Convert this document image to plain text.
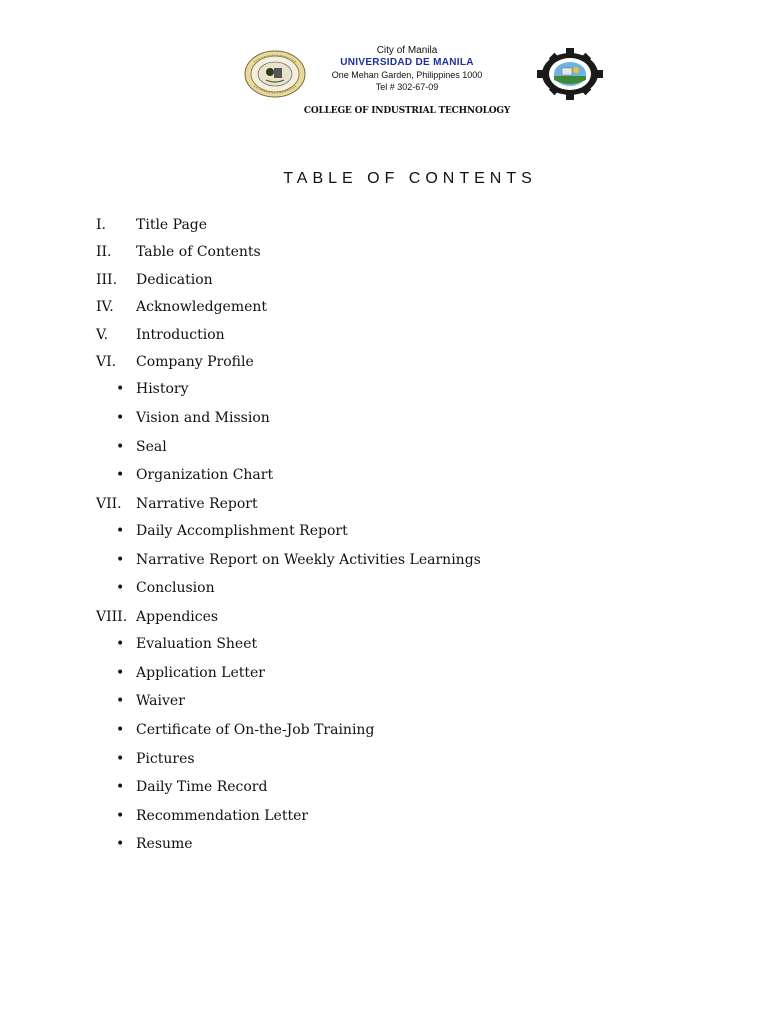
City of Manila
UNIVERSIDAD DE MANILA
One Mehan Garden, Philippines 1000
Tel # 302-67-09
COLLEGE OF INDUSTRIAL TECHNOLOGY
TABLE OF CONTENTS
I. Title Page
II. Table of Contents
III. Dedication
IV. Acknowledgement
V. Introduction
VI. Company Profile
• History
• Vision and Mission
• Seal
• Organization Chart
VII. Narrative Report
• Daily Accomplishment Report
• Narrative Report on Weekly Activities Learnings
• Conclusion
VIII. Appendices
• Evaluation Sheet
• Application Letter
• Waiver
• Certificate of On-the-Job Training
• Pictures
• Daily Time Record
• Recommendation Letter
• Resume
